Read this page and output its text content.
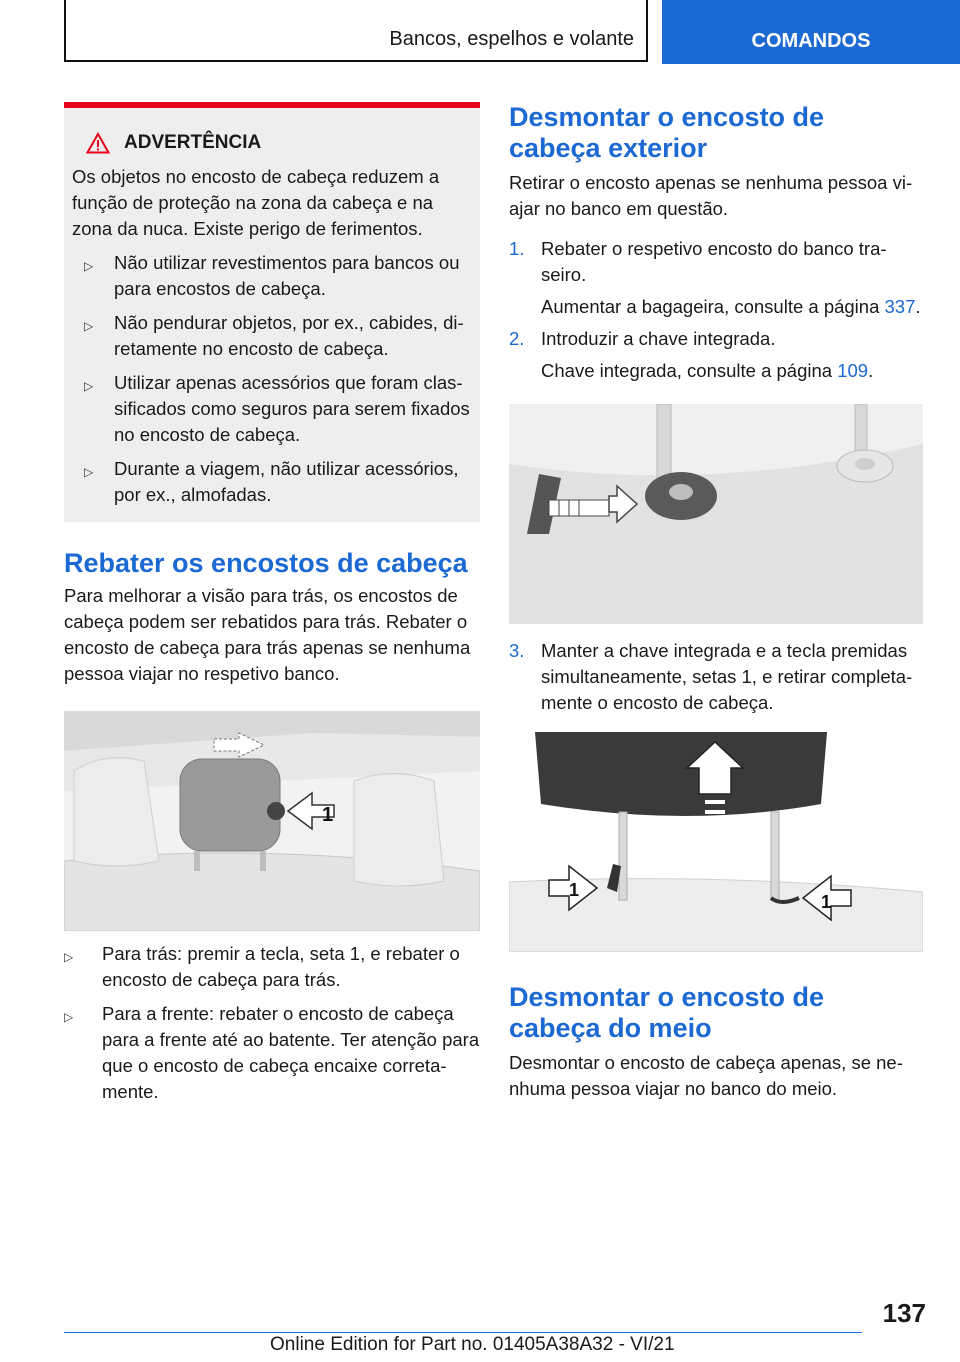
Bancos, espelhos e volante	COMANDOS
ADVERTÊNCIA
Os objetos no encosto de cabeça reduzem a função de proteção na zona da cabeça e na zona da nuca. Existe perigo de ferimentos.
▷	Não utilizar revestimentos para bancos ou para encostos de cabeça.
▷	Não pendurar objetos, por ex., cabides, diretamente no encosto de cabeça.
▷	Utilizar apenas acessórios que foram classificados como seguros para serem fixados no encosto de cabeça.
▷	Durante a viagem, não utilizar acessórios, por ex., almofadas.
Rebater os encostos de cabeça
Para melhorar a visão para trás, os encostos de cabeça podem ser rebatidos para trás. Rebater o encosto de cabeça para trás apenas se nenhuma pessoa viajar no respetivo banco.
1
▷	Para trás: premir a tecla, seta 1, e rebater o encosto de cabeça para trás.
▷	Para a frente: rebater o encosto de cabeça para a frente até ao batente. Ter atenção para que o encosto de cabeça encaixe corretamente.
Desmontar o encosto de cabeça exterior
Retirar o encosto apenas se nenhuma pessoa viajar no banco em questão.
1. Rebater o respetivo encosto do banco traseiro.
Aumentar a bagageira, consulte a página 337.
2. Introduzir a chave integrada.
Chave integrada, consulte a página 109.
3. Manter a chave integrada e a tecla premidas simultaneamente, setas 1, e retirar completamente o encosto de cabeça.
1
1
Desmontar o encosto de cabeça do meio
Desmontar o encosto de cabeça apenas, se nenhuma pessoa viajar no banco do meio.
137
Online Edition for Part no. 01405A38A32 - VI/21
